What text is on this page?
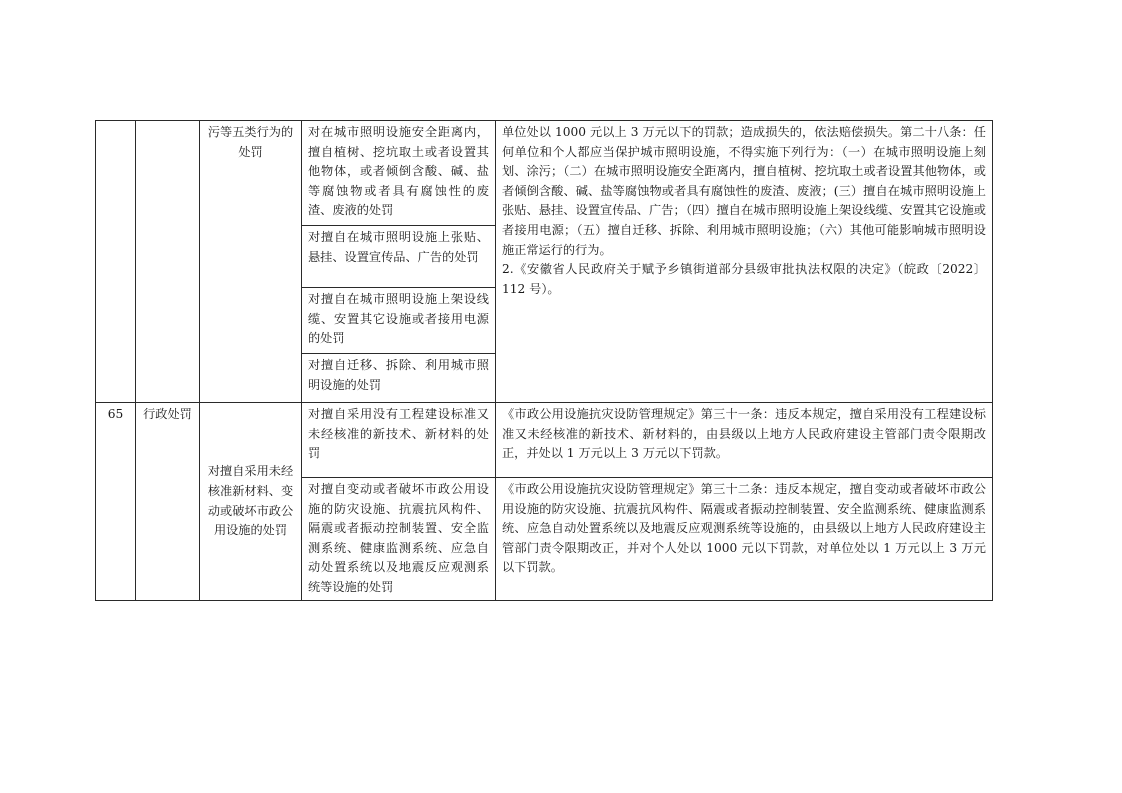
		污等五类行为的处罚	对在城市照明设施安全距离内，擅自植树、挖坑取土或者设置其他物体，或者倾倒含酸、碱、盐等腐蚀物或者具有腐蚀性的废渣、废液的处罚	单位处以 1000 元以上 3 万元以下的罚款；造成损失的，依法赔偿损失。第二十八条：任何单位和个人都应当保护城市照明设施，不得实施下列行为：（一）在城市照明设施上刻划、涂污；（二）在城市照明设施安全距离内，擅自植树、挖坑取土或者设置其他物体，或者倾倒含酸、碱、盐等腐蚀物或者具有腐蚀性的废渣、废液；(三）擅自在城市照明设施上张贴、悬挂、设置宣传品、广告；（四）擅自在城市照明设施上架设线缆、安置其它设施或者接用电源；（五）擅自迁移、拆除、利用城市照明设施；（六）其他可能影响城市照明设施正常运行的行为。
2.《安徽省人民政府关于赋予乡镇街道部分县级审批执法权限的决定》（皖政〔2022〕112 号）。

			对擅自在城市照明设施上张贴、悬挂、设置宣传品、广告的处罚	
			对擅自在城市照明设施上架设线缆、安置其它设施或者接用电源的处罚	
			对擅自迁移、拆除、利用城市照明设施的处罚	
65	行政处罚	对擅自采用未经核准新材料、变动或破坏市政公用设施的处罚	对擅自采用没有工程建设标准又未经核准的新技术、新材料的处罚	《市政公用设施抗灾设防管理规定》第三十一条：违反本规定，擅自采用没有工程建设标准又未经核准的新技术、新材料的，由县级以上地方人民政府建设主管部门责令限期改正，并处以 1 万元以上 3 万元以下罚款。
			对擅自变动或者破坏市政公用设施的防灾设施、抗震抗风构件、隔震或者振动控制装置、安全监测系统、健康监测系统、应急自动处置系统以及地震反应观测系统等设施的处罚	《市政公用设施抗灾设防管理规定》第三十二条：违反本规定，擅自变动或者破坏市政公用设施的防灾设施、抗震抗风构件、隔震或者振动控制装置、安全监测系统、健康监测系统、应急自动处置系统以及地震反应观测系统等设施的，由县级以上地方人民政府建设主管部门责令限期改正，并对个人处以 1000 元以下罚款，对单位处以 1 万元以上 3 万元以下罚款。
